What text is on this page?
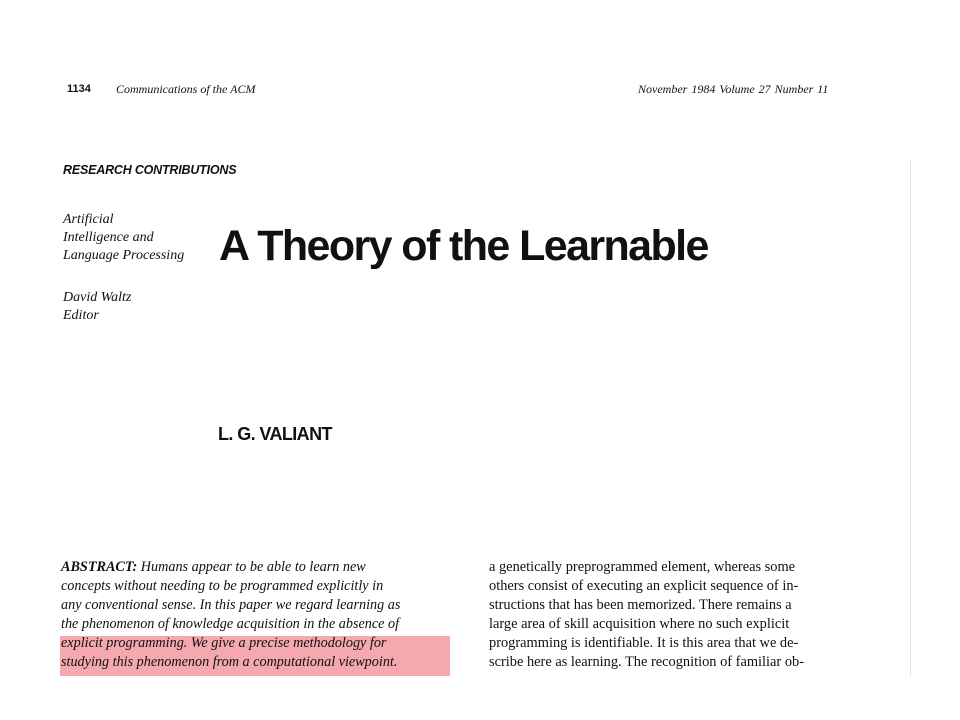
1134 Communications of the ACM	November 1984 Volume 27 Number 11
RESEARCH CONTRIBUTIONS
Artificial
Intelligence and
Language Processing
David Waltz
Editor
A Theory of the Learnable
L. G. VALIANT
ABSTRACT: Humans appear to be able to learn new
concepts without needing to be programmed explicitly in
any conventional sense. In this paper we regard learning as
the phenomenon of knowledge acquisition in the absence of
explicit programming. We give a precise methodology for
studying this phenomenon from a computational viewpoint.
a genetically preprogrammed element, whereas some
others consist of executing an explicit sequence of in-
structions that has been memorized. There remains a
large area of skill acquisition where no such explicit
programming is identifiable. It is this area that we de-
scribe here as learning. The recognition of familiar ob-
